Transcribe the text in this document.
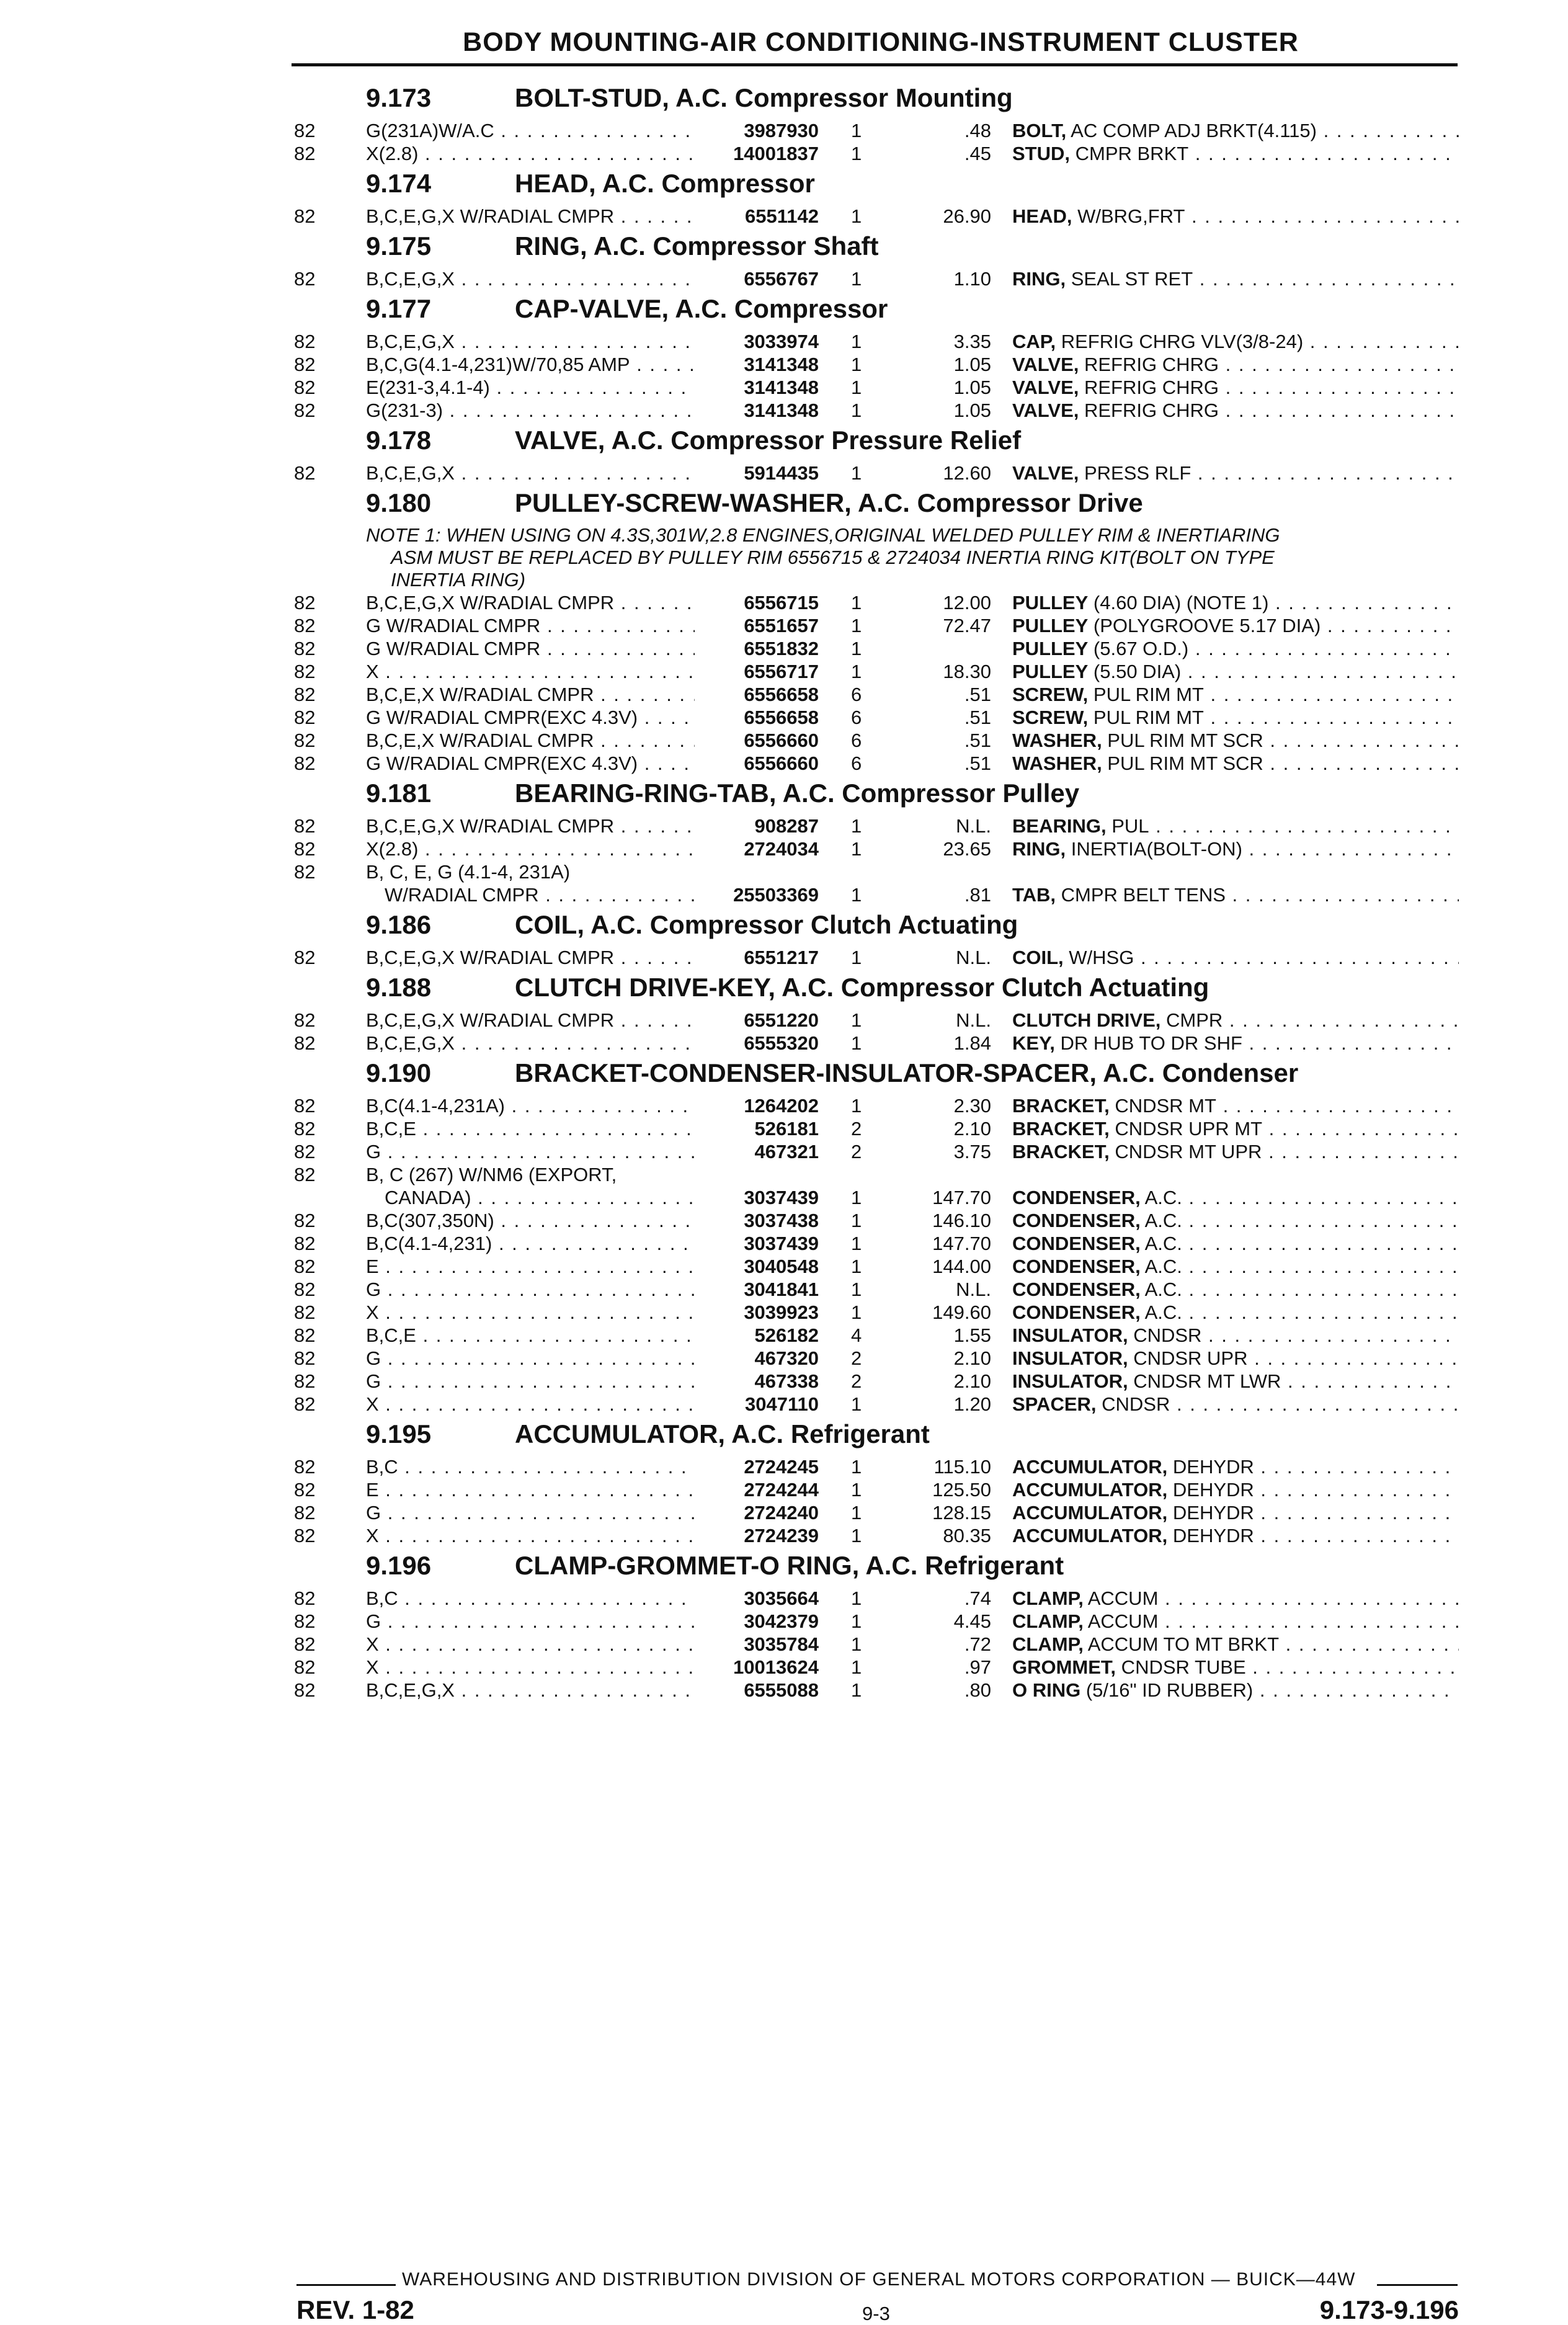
BODY MOUNTING-AIR CONDITIONING-INSTRUMENT CLUSTER
9.173	BOLT-STUD, A.C. Compressor Mounting
82	G(231A)W/A.C . . .	3987930 1	.48 BOLT, AC COMP ADJ BRKT(4.115) . . .
82	X(2.8) . . .	14001837 1	.45 STUD, CMPR BRKT . . .
9.174	HEAD, A.C. Compressor
82	B,C,E,G,X W/RADIAL CMPR . . .	6551142 1	26.90 HEAD, W/BRG,FRT . . .
9.175	RING, A.C. Compressor Shaft
82	B,C,E,G,X . . .	6556767 1	1.10 RING, SEAL ST RET . . .
9.177	CAP-VALVE, A.C. Compressor
82	B,C,E,G,X . . .	3033974 1	3.35 CAP, REFRIG CHRG VLV(3/8-24) . . .
82	B,C,G(4.1-4,231)W/70,85 AMP . . .	3141348 1	1.05 VALVE, REFRIG CHRG . . .
82	E(231-3,4.1-4) . . .	3141348 1	1.05 VALVE, REFRIG CHRG . . .
82	G(231-3) . . .	3141348 1	1.05 VALVE, REFRIG CHRG . . .
9.178	VALVE, A.C. Compressor Pressure Relief
82	B,C,E,G,X . . .	5914435 1	12.60 VALVE, PRESS RLF . . .
9.180	PULLEY-SCREW-WASHER, A.C. Compressor Drive
NOTE 1: WHEN USING ON 4.3S,301W,2.8 ENGINES,ORIGINAL WELDED PULLEY RIM & INERTIARING
ASM MUST BE REPLACED BY PULLEY RIM 6556715 & 2724034 INERTIA RING KIT(BOLT ON TYPE
INERTIA RING)
82	B,C,E,G,X W/RADIAL CMPR . . .	6556715 1	12.00 PULLEY (4.60 DIA) (NOTE 1) . . .
82	G W/RADIAL CMPR . . .	6551657 1	72.47 PULLEY (POLYGROOVE 5.17 DIA) . . .
82	G W/RADIAL CMPR . . .	6551832 1	PULLEY (5.67 O.D.) . . .
82	X . . .	6556717 1	18.30 PULLEY (5.50 DIA) . . .
82	B,C,E,X W/RADIAL CMPR . . .	6556658 6	.51 SCREW, PUL RIM MT . . .
82	G W/RADIAL CMPR(EXC 4.3V) . . .	6556658 6	.51 SCREW, PUL RIM MT . . .
82	B,C,E,X W/RADIAL CMPR . . .	6556660 6	.51 WASHER, PUL RIM MT SCR . . .
82	G W/RADIAL CMPR(EXC 4.3V) . . .	6556660 6	.51 WASHER, PUL RIM MT SCR . . .
9.181	BEARING-RING-TAB, A.C. Compressor Pulley
82	B,C,E,G,X W/RADIAL CMPR . . .	908287 1	N.L. BEARING, PUL . . .
82	X(2.8) . . .	2724034 1	23.65 RING, INERTIA(BOLT-ON) . . .
82	B, C, E, G (4.1-4, 231A)
W/RADIAL CMPR . . .	25503369 1	.81 TAB, CMPR BELT TENS . . .
9.186	COIL, A.C. Compressor Clutch Actuating
82	B,C,E,G,X W/RADIAL CMPR . . .	6551217 1	N.L. COIL, W/HSG . . .
9.188	CLUTCH DRIVE-KEY, A.C. Compressor Clutch Actuating
82	B,C,E,G,X W/RADIAL CMPR . . .	6551220 1	N.L. CLUTCH DRIVE, CMPR . . .
82	B,C,E,G,X . . .	6555320 1	1.84 KEY, DR HUB TO DR SHF . . .
9.190	BRACKET-CONDENSER-INSULATOR-SPACER, A.C. Condenser
82	B,C(4.1-4,231A) . . .	1264202 1	2.30 BRACKET, CNDSR MT . . .
82	B,C,E . . .	526181 2	2.10 BRACKET, CNDSR UPR MT . . .
82	G . . .	467321 2	3.75 BRACKET, CNDSR MT UPR . . .
82	B, C (267) W/NM6 (EXPORT,
CANADA) . . .	3037439 1	147.70 CONDENSER, A.C. . . .
82	B,C(307,350N) . . .	3037438 1	146.10 CONDENSER, A.C. . . .
82	B,C(4.1-4,231) . . .	3037439 1	147.70 CONDENSER, A.C. . . .
82	E . . .	3040548 1	144.00 CONDENSER, A.C. . . .
82	G . . .	3041841 1	N.L. CONDENSER, A.C. . . .
82	X . . .	3039923 1	149.60 CONDENSER, A.C. . . .
82	B,C,E . . .	526182 4	1.55 INSULATOR, CNDSR . . .
82	G . . .	467320 2	2.10 INSULATOR, CNDSR UPR . . .
82	G . . .	467338 2	2.10 INSULATOR, CNDSR MT LWR . . .
82	X . . .	3047110 1	1.20 SPACER, CNDSR . . .
9.195	ACCUMULATOR, A.C. Refrigerant
82	B,C . . .	2724245 1	115.10 ACCUMULATOR, DEHYDR . . .
82	E . . .	2724244 1	125.50 ACCUMULATOR, DEHYDR . . .
82	G . . .	2724240 1	128.15 ACCUMULATOR, DEHYDR . . .
82	X . . .	2724239 1	80.35 ACCUMULATOR, DEHYDR . . .
9.196	CLAMP-GROMMET-O RING, A.C. Refrigerant
82	B,C . . .	3035664 1	.74 CLAMP, ACCUM . . .
82	G . . .	3042379 1	4.45 CLAMP, ACCUM . . .
82	X . . .	3035784 1	.72 CLAMP, ACCUM TO MT BRKT . . .
82	X . . .	10013624 1	.97 GROMMET, CNDSR TUBE . . .
82	B,C,E,G,X . . .	6555088 1	.80 O RING (5/16" ID RUBBER) . . .
WAREHOUSING AND DISTRIBUTION DIVISION OF GENERAL MOTORS CORPORATION — BUICK—44W
REV. 1-82	9-3	9.173-9.196
